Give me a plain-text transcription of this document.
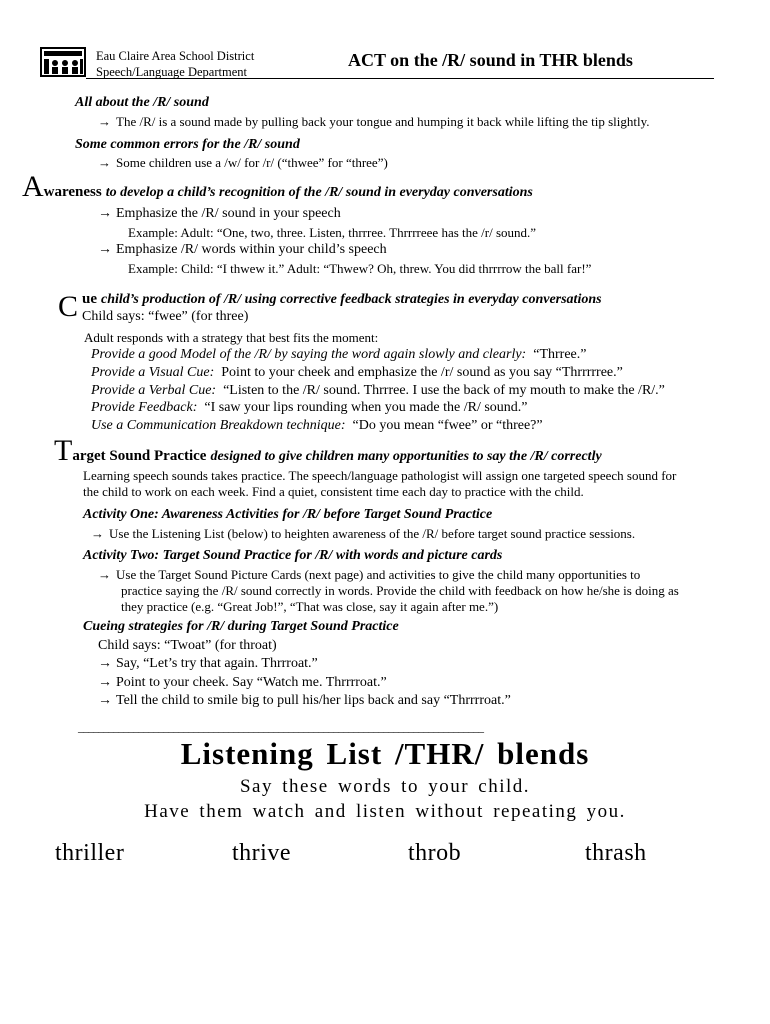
Eau Claire Area School District
Speech/Language Department
ACT on the /R/ sound in THR blends
All about the /R/ sound
→ The /R/ is a sound made by pulling back your tongue and humping it back while lifting the tip slightly.
Some common errors for the /R/ sound
→ Some children use a /w/ for /r/ (“thwee” for “three”)
Awareness to develop a child’s recognition of the /R/ sound in everyday conversations
→ Emphasize the /R/ sound in your speech
Example: Adult: “One, two, three. Listen, thrrree. Thrrrreee has the /r/ sound.”
→ Emphasize /R/ words within your child’s speech
Example: Child: “I thwew it.” Adult: “Thwew? Oh, threw. You did thrrrrow the ball far!”
C ue child’s production of /R/ using corrective feedback strategies in everyday conversations
Child says: “fwee” (for three)
Adult responds with a strategy that best fits the moment:
Provide a good Model of the /R/ by saying the word again slowly and clearly: “Thrree.”
Provide a Visual Cue: Point to your cheek and emphasize the /r/ sound as you say “Thrrrrree.”
Provide a Verbal Cue: “Listen to the /R/ sound. Thrrree. I use the back of my mouth to make the /R/.”
Provide Feedback: “I saw your lips rounding when you made the /R/ sound.”
Use a Communication Breakdown technique: “Do you mean “fwee” or “three?”
Target Sound Practice designed to give children many opportunities to say the /R/ correctly
Learning speech sounds takes practice. The speech/language pathologist will assign one targeted speech sound for
the child to work on each week. Find a quiet, consistent time each day to practice with the child.
Activity One: Awareness Activities for /R/ before Target Sound Practice
→ Use the Listening List (below) to heighten awareness of the /R/ before target sound practice sessions.
Activity Two: Target Sound Practice for /R/ with words and picture cards
→ Use the Target Sound Picture Cards (next page) and activities to give the child many opportunities to
practice saying the /R/ sound correctly in words. Provide the child with feedback on how he/she is doing as
they practice (e.g. “Great Job!”, “That was close, say it again after me.”)
Cueing strategies for /R/ during Target Sound Practice
Child says: “Twoat” (for throat)
→ Say, “Let’s try that again. Thrrroat.”
→ Point to your cheek. Say “Watch me. Thrrrroat.”
→ Tell the child to smile big to pull his/her lips back and say “Thrrrroat.”
_________________________________________________________________________________
Listening List /THR/ blends
Say these words to your child.
Have them watch and listen without repeating you.
thriller	thrive	throb	thrash
